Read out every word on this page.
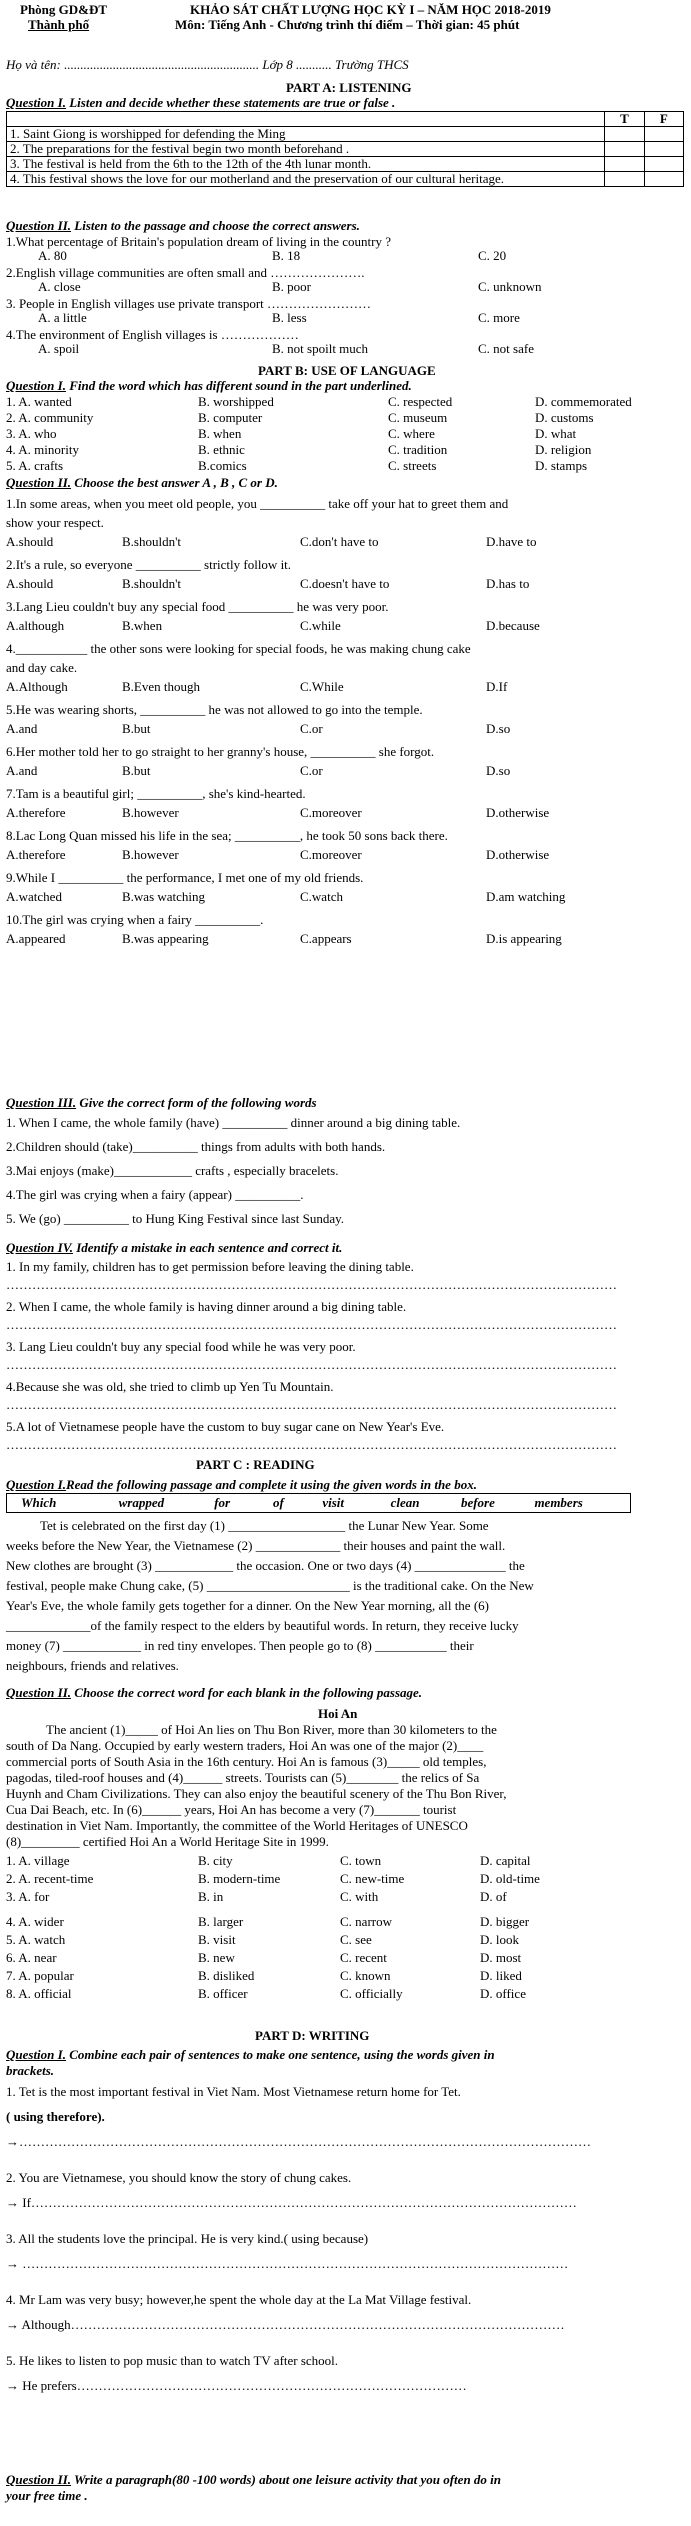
Phòng GD&ĐT
Thành phố
KHẢO SÁT CHẤT LƯỢNG HỌC KỲ I – NĂM HỌC 2018-2019
Môn: Tiếng Anh - Chương trình thí điểm – Thời gian: 45 phút
Họ và tên: ............................................................ Lớp 8 ........... Trường THCS
PART A: LISTENING
Question I. Listen and decide whether these statements are true or false .
	T	F
1. Saint Giong is worshipped for defending the Ming		
2. The preparations for the festival begin two month beforehand .		
3. The festival is held from the 6th to the 12th of the 4th lunar month.		
4. This festival shows the love for our motherland and the preservation of our cultural heritage.		
Question II. Listen to the passage and choose the correct answers.
1.What percentage of Britain's population dream of living in the country ?
A. 80	B. 18	C. 20
2.English village communities are often small and ………………….
A. close	B. poor	C. unknown
3. People in English villages use private transport ……………………
A. a little	B. less	C. more
4.The environment of English villages is ………………
A. spoil	B. not spoilt much	C. not safe
PART B: USE OF LANGUAGE
Question I. Find the word which has different sound in the part underlined.
1. A. wanted	B. worshipped	C. respected	D. commemorated
2. A. community	B. computer	C. museum	D. customs
3. A. who	B. when	C. where	D. what
4. A. minority	B. ethnic	C. tradition	D. religion
5. A. crafts	B.comics	C. streets	D. stamps
Question II. Choose the best answer A , B , C or D.
1.In some areas, when you meet old people, you __________ take off your hat to greet them and
show your respect.
A.should	B.shouldn't	C.don't have to	D.have to
2.It's a rule, so everyone __________ strictly follow it.
A.should	B.shouldn't	C.doesn't have to	D.has to
3.Lang Lieu couldn't buy any special food __________ he was very poor.
A.although	B.when	C.while	D.because
4.___________ the other sons were looking for special foods, he was making chung cake
and day cake.
A.Although	B.Even though	C.While	D.If
5.He was wearing shorts, __________ he was not allowed to go into the temple.
A.and	B.but	C.or	D.so
6.Her mother told her to go straight to her granny's house, __________ she forgot.
A.and	B.but	C.or	D.so
7.Tam is a beautiful girl; __________, she's kind-hearted.
A.therefore	B.however	C.moreover	D.otherwise
8.Lac Long Quan missed his life in the sea; __________, he took 50 sons back there.
A.therefore	B.however	C.moreover	D.otherwise
9.While I __________ the performance, I met one of my old friends.
A.watched	B.was watching	C.watch	D.am watching
10.The girl was crying when a fairy __________.
A.appeared	B.was appearing	C.appears	D.is appearing
Question III. Give the correct form of the following words
1. When I came, the whole family (have) __________ dinner around a big dining table.
2.Children should (take)__________ things from adults with both hands.
3.Mai enjoys (make)____________ crafts , especially bracelets.
4.The girl was crying when a fairy (appear) __________.
5. We (go) __________ to Hung King Festival since last Sunday.
Question IV. Identify a mistake in each sentence and correct it.
1. In my family, children has to get permission before leaving the dining table.
……………………………………………………………………………………………………………………………
2. When I came, the whole family is having dinner around a big dining table.
……………………………………………………………………………………………………………………………
3. Lang Lieu couldn't buy any special food while he was very poor.
……………………………………………………………………………………………………………………………
4.Because she was old, she tried to climb up Yen Tu Mountain.
……………………………………………………………………………………………………………………………
5.A lot of Vietnamese people have the custom to buy sugar cane on New Year's Eve.
……………………………………………………………………………………………………………………………
PART C : READING
Question I.Read the following passage and complete it using the given words in the box.
Which	wrapped	for	of	visit	clean	before	members
Tet is celebrated on the first day (1) __________________ the Lunar New Year. Some
weeks before the New Year, the Vietnamese (2) _____________ their houses and paint the wall.
New clothes are brought (3) ____________ the occasion. One or two days (4) ______________ the
festival, people make Chung cake, (5) ______________________ is the traditional cake. On the New
Year's Eve, the whole family gets together for a dinner. On the New Year morning, all the (6)
_____________of the family respect to the elders by beautiful words. In return, they receive lucky
money (7) ____________ in red tiny envelopes. Then people go to (8) ___________ their
neighbours, friends and relatives.
Question II. Choose the correct word for each blank in the following passage.
Hoi An
The ancient (1)_____ of Hoi An lies on Thu Bon River, more than 30 kilometers to the
south of Da Nang. Occupied by early western traders, Hoi An was one of the major (2)____
commercial ports of South Asia in the 16th century. Hoi An is famous (3)_____ old temples,
pagodas, tiled-roof houses and (4)______ streets. Tourists can (5)________ the relics of Sa
Huynh and Cham Civilizations. They can also enjoy the beautiful scenery of the Thu Bon River,
Cua Dai Beach, etc. In (6)______ years, Hoi An has become a very (7)_______ tourist
destination in Viet Nam. Importantly, the committee of the World Heritages of UNESCO
(8)_________ certified Hoi An a World Heritage Site in 1999.
1. A. village	B. city	C. town	D. capital
2. A. recent-time	B. modern-time	C. new-time	D. old-time
3. A. for	B. in	C. with	D. of
4. A. wider	B. larger	C. narrow	D. bigger
5. A. watch	B. visit	C. see	D. look
6. A. near	B. new	C. recent	D. most
7. A. popular	B. disliked	C. known	D. liked
8. A. official	B. officer	C. officially	D. office
PART D: WRITING
Question I. Combine each pair of sentences to make one sentence, using the words given in
brackets.
1. Tet is the most important festival in Viet Nam. Most Vietnamese return home for Tet.
( using therefore).
→……………………………………………………………………………………………………………………
2. You are Vietnamese, you should know the story of chung cakes.
→ If………………………………………………………………………………………………………………
3. All the students love the principal. He is very kind.( using because)
→ ………………………………………………………………………………………………………………
4. Mr Lam was very busy; however,he spent the whole day at the La Mat Village festival.
→ Although……………………………………………………………………………………………………
5. He likes to listen to pop music than to watch TV after school.
→ He prefers………………………………………………………………………………
Question II. Write a paragraph(80 -100 words) about one leisure activity that you often do in
your free time .
